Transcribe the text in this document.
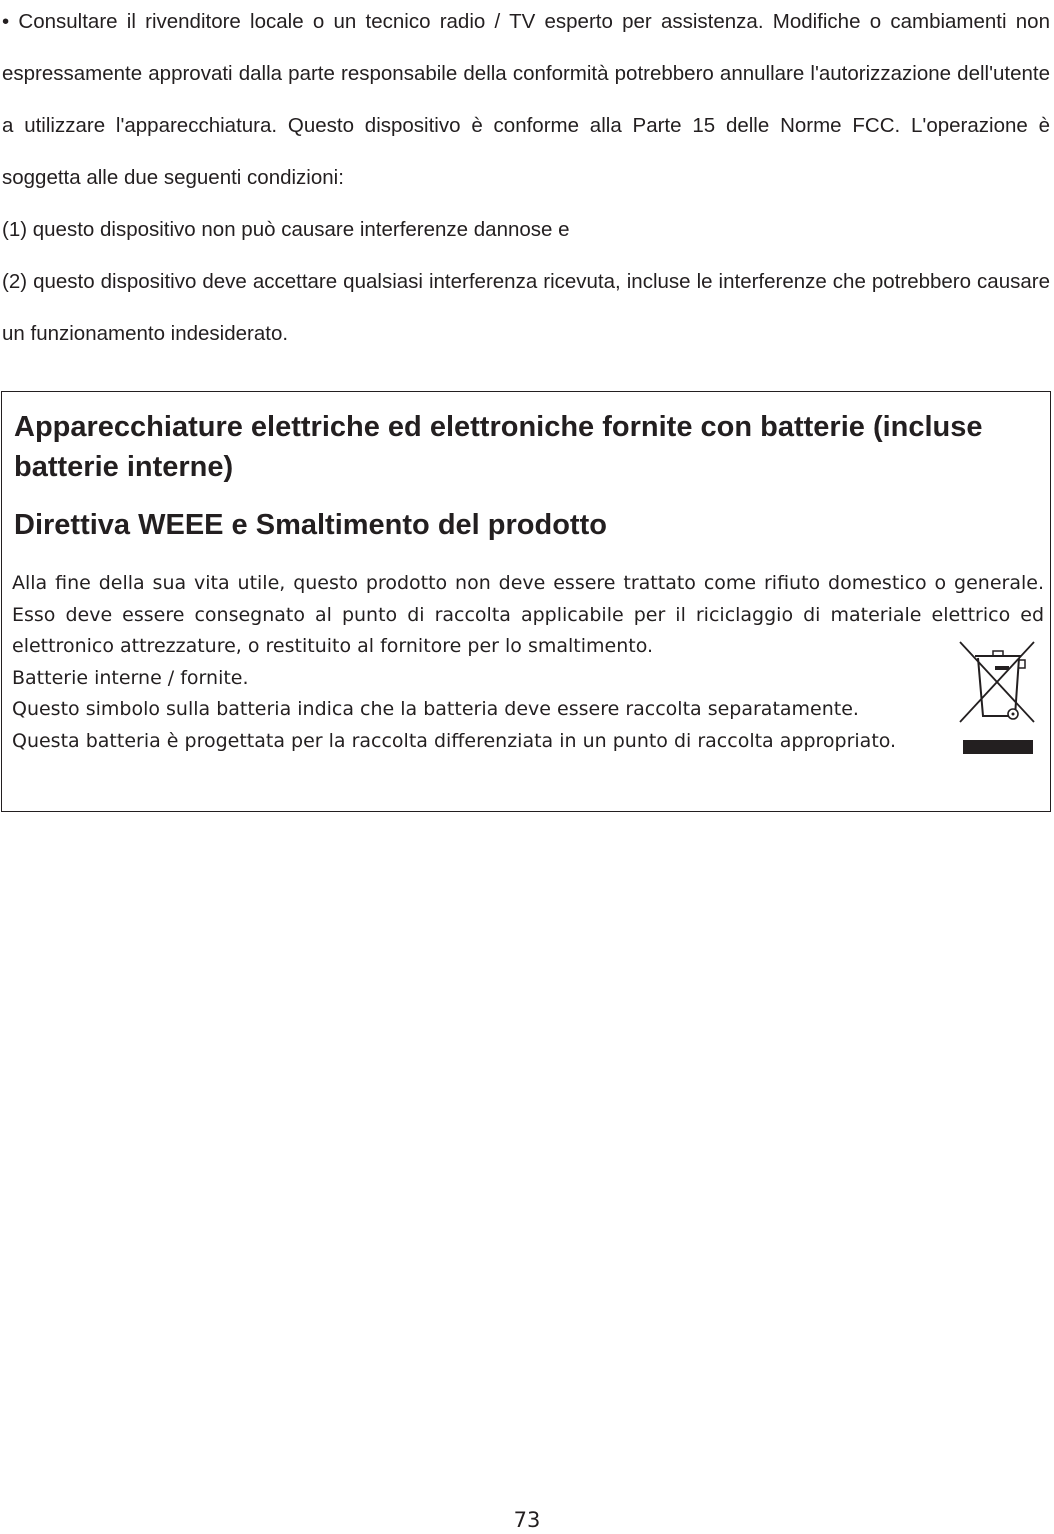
• Consultare il rivenditore locale o un tecnico radio / TV esperto per assistenza. Modifiche o cambiamenti non espressamente approvati dalla parte responsabile della conformità potrebbero annullare l'autorizzazione dell'utente a utilizzare l'apparecchiatura. Questo dispositivo è conforme alla Parte 15 delle Norme FCC. L'operazione è soggetta alle due seguenti condizioni:

(1) questo dispositivo non può causare interferenze dannose e

(2) questo dispositivo deve accettare qualsiasi interferenza ricevuta, incluse le interferenze che potrebbero causare un funzionamento indesiderato.

Apparecchiature elettriche ed elettroniche fornite con batterie (incluse batterie interne)
Direttiva WEEE e Smaltimento del prodotto

Alla fine della sua vita utile, questo prodotto non deve essere trattato come rifiuto domestico o generale. Esso deve essere consegnato al punto di raccolta applicabile per il riciclaggio di materiale elettrico ed elettronico attrezzature, o restituito al fornitore per lo smaltimento.

Batterie interne / fornite.

Questo simbolo sulla batteria indica che la batteria deve essere raccolta separatamente.

Questa batteria è progettata per la raccolta differenziata in un punto di raccolta appropriato.

73
